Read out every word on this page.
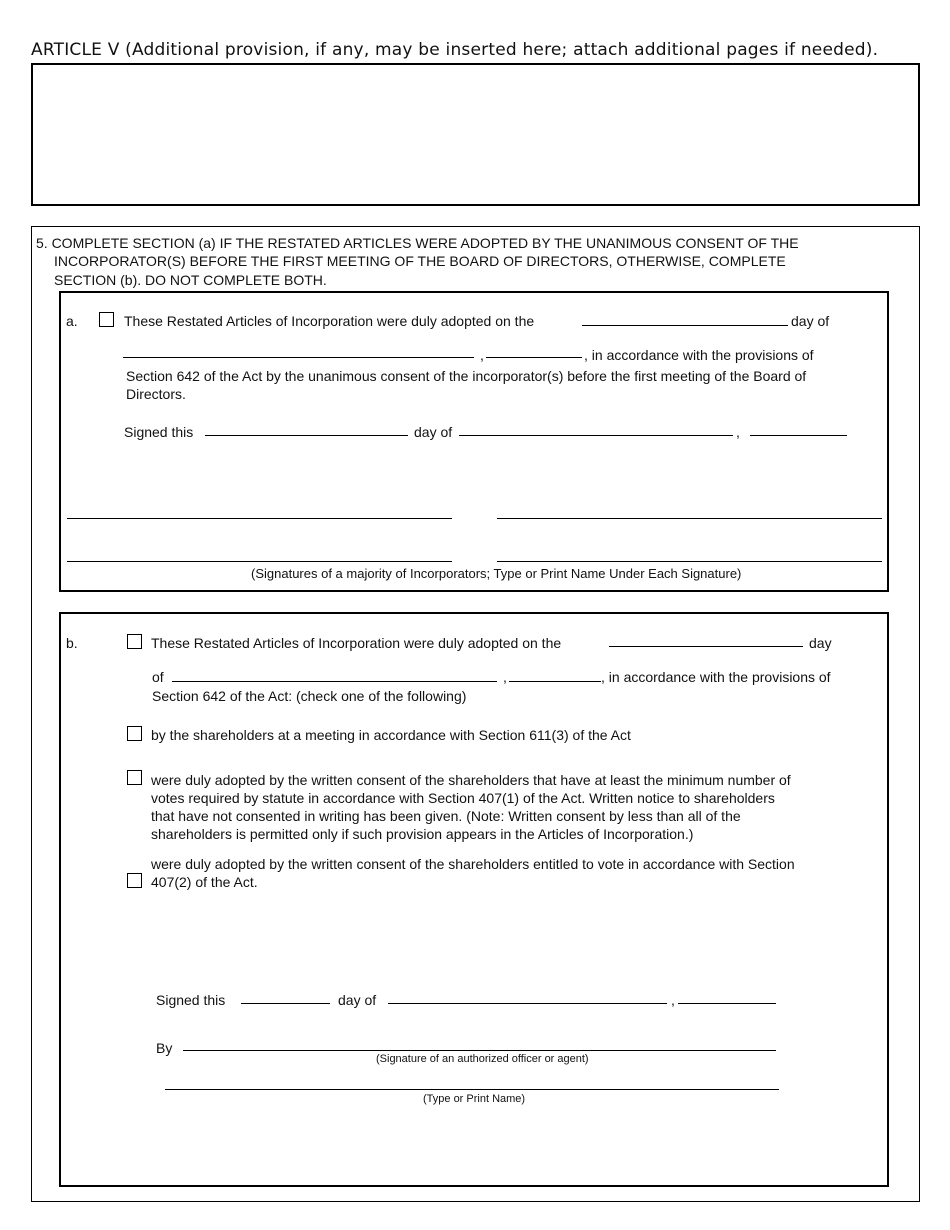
ARTICLE V (Additional provision, if any, may be inserted here; attach additional pages if needed).
5. COMPLETE SECTION (a) IF THE RESTATED ARTICLES WERE ADOPTED BY THE UNANIMOUS CONSENT OF THE
INCORPORATOR(S) BEFORE THE FIRST MEETING OF THE BOARD OF DIRECTORS, OTHERWISE, COMPLETE
SECTION (b). DO NOT COMPLETE BOTH.
a.	These Restated Articles of Incorporation were duly adopted on the	day of
,	, in accordance with the provisions of
Section 642 of the Act by the unanimous consent of the incorporator(s) before the first meeting of the Board of
Directors.
Signed this	day of	,
(Signatures of a majority of Incorporators; Type or Print Name Under Each Signature)
b.	These Restated Articles of Incorporation were duly adopted on the	day
of	,	, in accordance with the provisions of
Section 642 of the Act: (check one of the following)
by the shareholders at a meeting in accordance with Section 611(3) of the Act
were duly adopted by the written consent of the shareholders that have at least the minimum number of
votes required by statute in accordance with Section 407(1) of the Act. Written notice to shareholders
that have not consented in writing has been given. (Note: Written consent by less than all of the
shareholders is permitted only if such provision appears in the Articles of Incorporation.)
were duly adopted by the written consent of the shareholders entitled to vote in accordance with Section
407(2) of the Act.
Signed this	day of	,
By
(Signature of an authorized officer or agent)
(Type or Print Name)
